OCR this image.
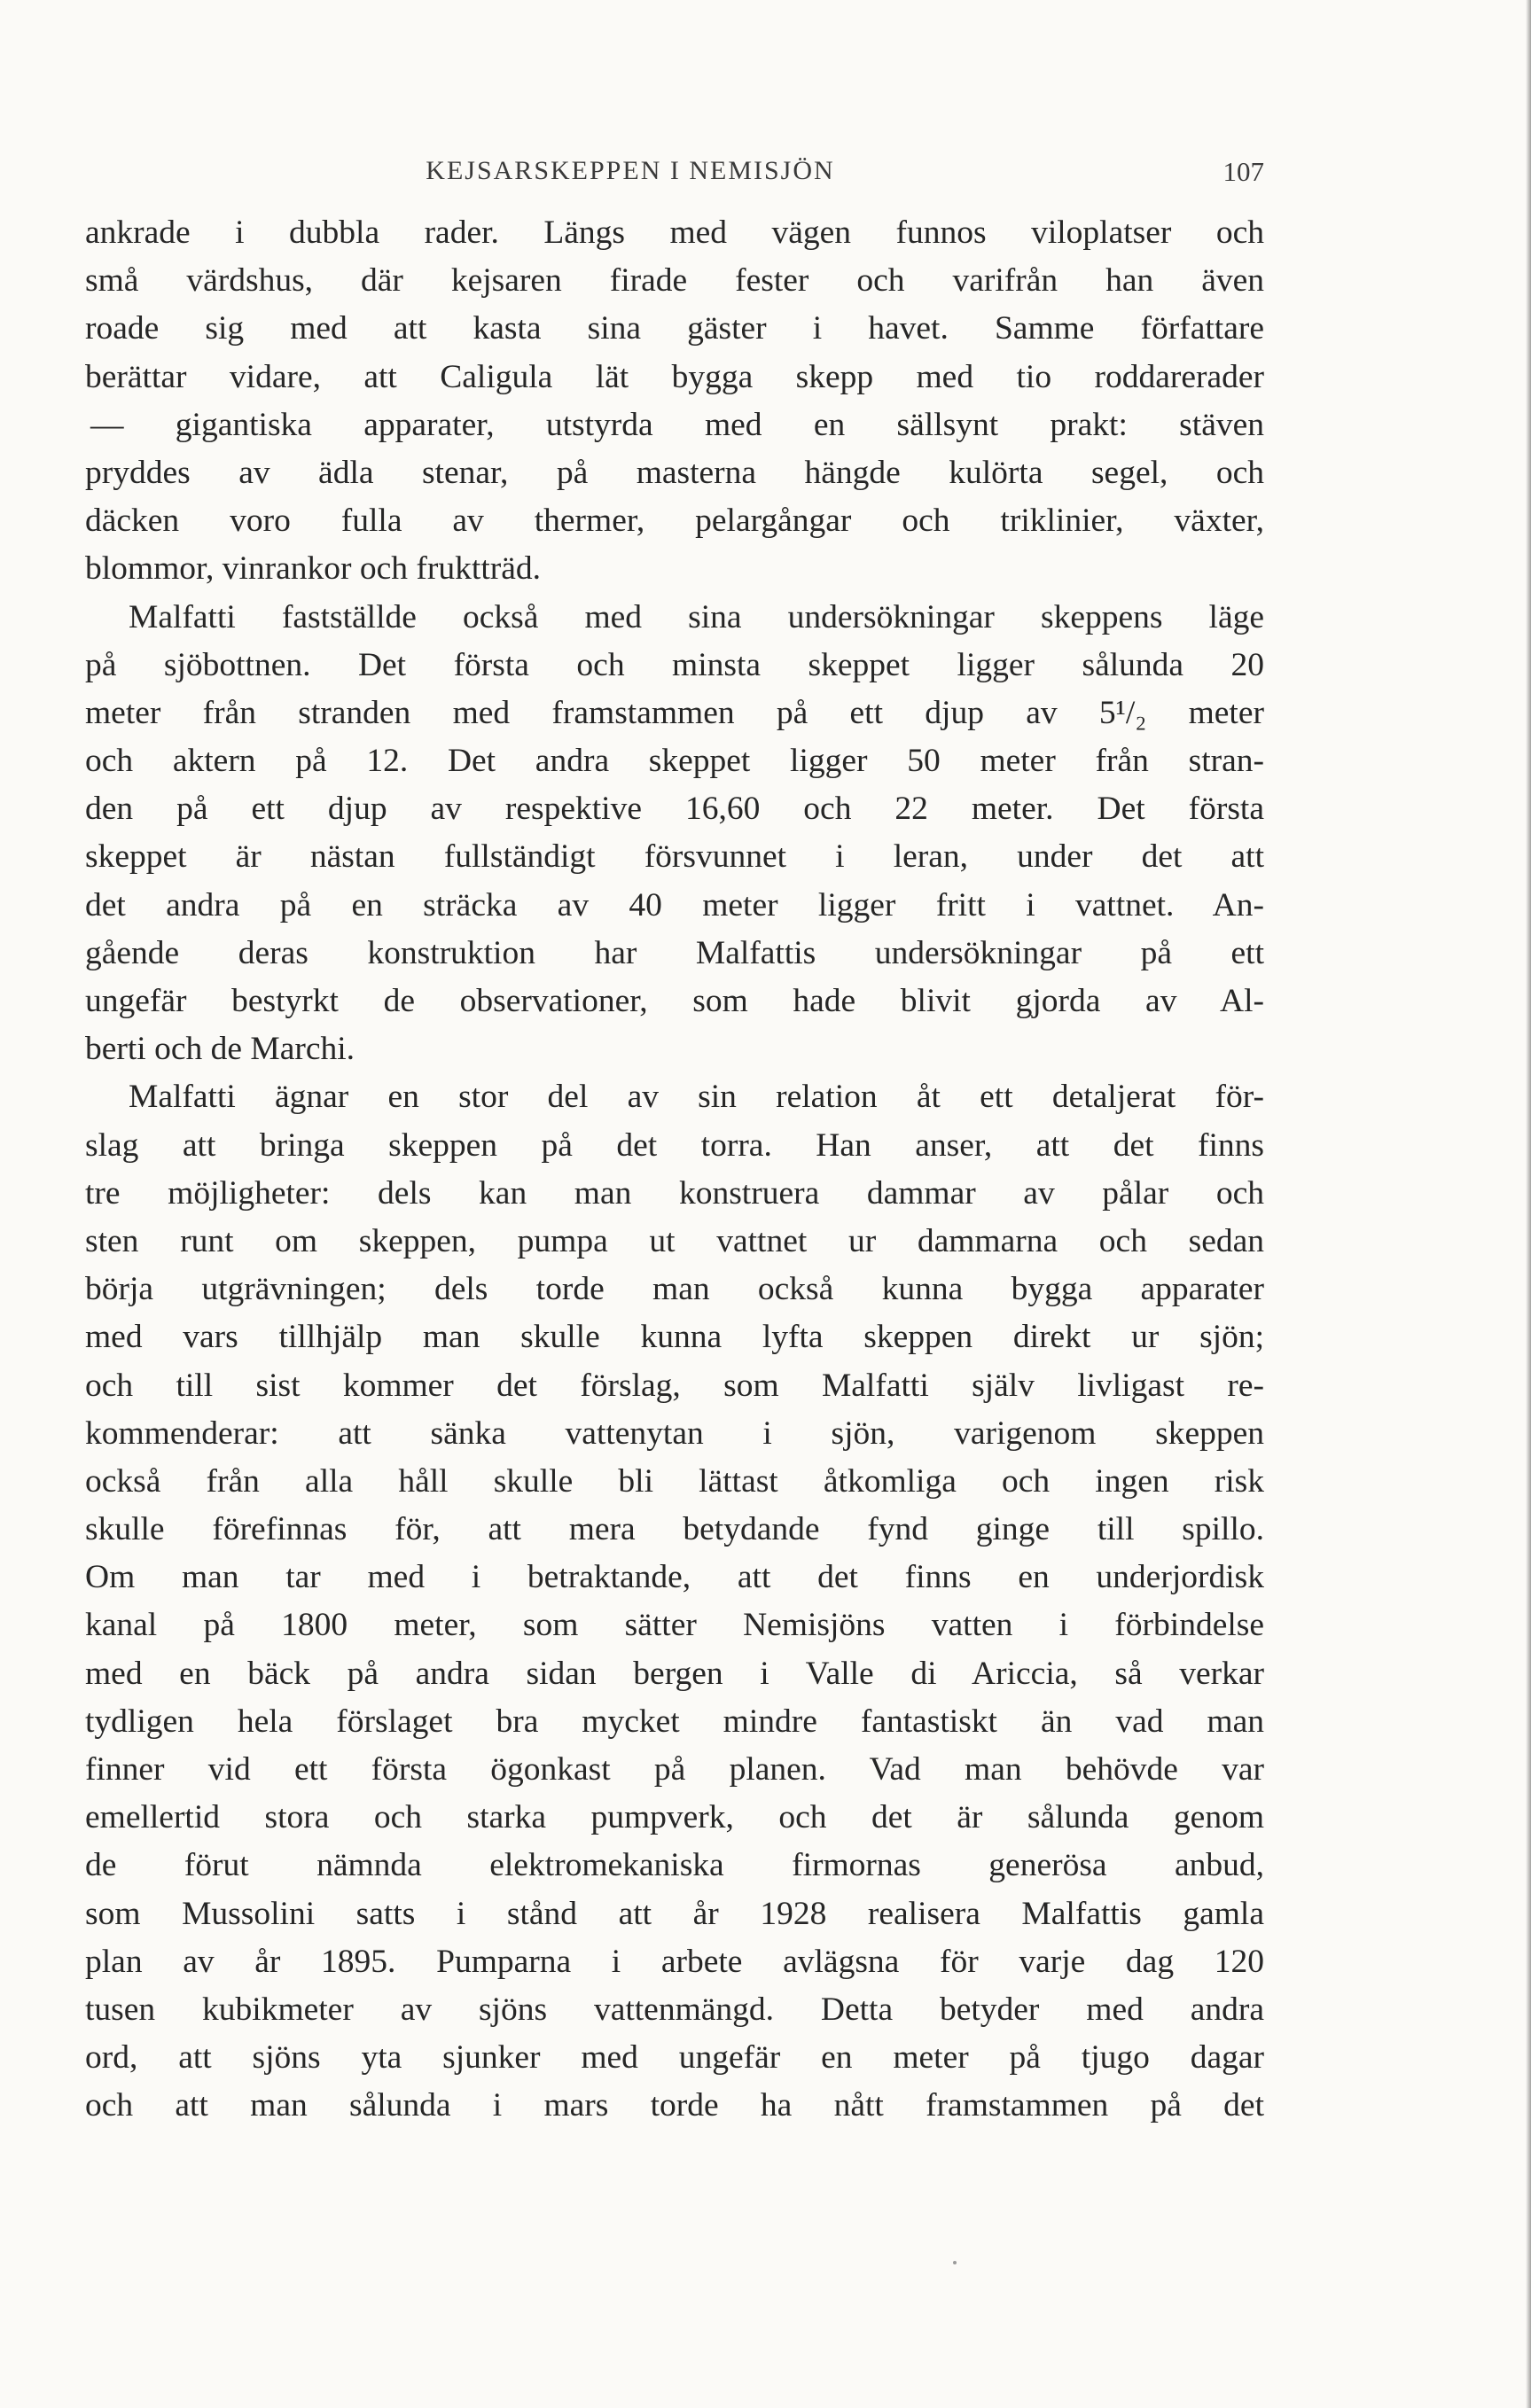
KEJSARSKEPPEN I NEMISJÖN	107
ankrade i dubbla rader. Längs med vägen funnos viloplatser och
små värdshus, där kejsaren firade fester och varifrån han även
roade sig med att kasta sina gäster i havet. Samme författare
berättar vidare, att Caligula lät bygga skepp med tio roddarerader
— gigantiska apparater, utstyrda med en sällsynt prakt: stäven
pryddes av ädla stenar, på masterna hängde kulörta segel, och
däcken voro fulla av thermer, pelargångar och triklinier, växter,
blommor, vinrankor och fruktträd.
Malfatti fastställde också med sina undersökningar skeppens läge
på sjöbottnen. Det första och minsta skeppet ligger sålunda 20
meter från stranden med framstammen på ett djup av 5¹/₂ meter
och aktern på 12. Det andra skeppet ligger 50 meter från stran-
den på ett djup av respektive 16,60 och 22 meter. Det första
skeppet är nästan fullständigt försvunnet i leran, under det att
det andra på en sträcka av 40 meter ligger fritt i vattnet. An-
gående deras konstruktion har Malfattis undersökningar på ett
ungefär bestyrkt de observationer, som hade blivit gjorda av Al-
berti och de Marchi.
Malfatti ägnar en stor del av sin relation åt ett detaljerat för-
slag att bringa skeppen på det torra. Han anser, att det finns
tre möjligheter: dels kan man konstruera dammar av pålar och
sten runt om skeppen, pumpa ut vattnet ur dammarna och sedan
börja utgrävningen; dels torde man också kunna bygga apparater
med vars tillhjälp man skulle kunna lyfta skeppen direkt ur sjön;
och till sist kommer det förslag, som Malfatti själv livligast re-
kommenderar: att sänka vattenytan i sjön, varigenom skeppen
också från alla håll skulle bli lättast åtkomliga och ingen risk
skulle förefinnas för, att mera betydande fynd ginge till spillo.
Om man tar med i betraktande, att det finns en underjordisk
kanal på 1800 meter, som sätter Nemisjöns vatten i förbindelse
med en bäck på andra sidan bergen i Valle di Ariccia, så verkar
tydligen hela förslaget bra mycket mindre fantastiskt än vad man
finner vid ett första ögonkast på planen. Vad man behövde var
emellertid stora och starka pumpverk, och det är sålunda genom
de förut nämnda elektromekaniska firmornas generösa anbud,
som Mussolini satts i stånd att år 1928 realisera Malfattis gamla
plan av år 1895. Pumparna i arbete avlägsna för varje dag 120
tusen kubikmeter av sjöns vattenmängd. Detta betyder med andra
ord, att sjöns yta sjunker med ungefär en meter på tjugo dagar
och att man sålunda i mars torde ha nått framstammen på det
